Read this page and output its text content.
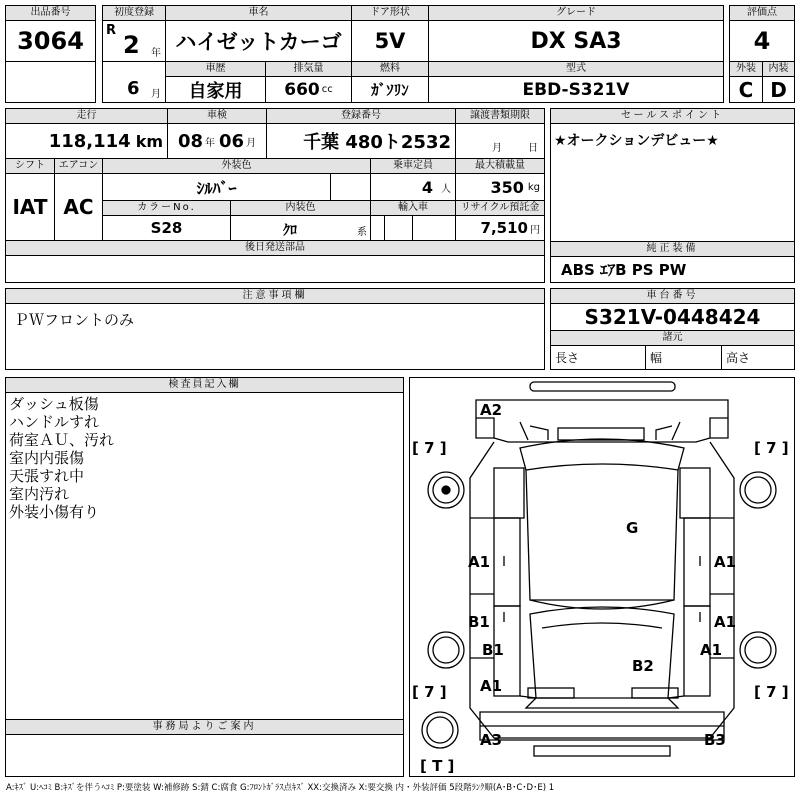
出品番号
3064
初度登録
R
2 年
6 月
車名
ハイゼットカーゴ
ドア形状
5V
グレード
DX SA3
評価点
4
車歴
自家用
排気量
660 cc
燃料
ｶﾞｿﾘﾝ
型式
EBD-S321V
外装
C
内装
D
走行
118,114 km
車検
08 年 06 月
登録番号
千葉 480ト2532
譲渡書類期限
月	日
シフト
IAT
エアコン
AC
外装色
ｼﾙﾊﾞｰ
乗車定員
4 人
最大積載量
350 kg
カラーNo.
S28
内装色
ｸﾛ	系
輸入車	リサイクル預託金
7,510 円
後日発送部品
セールスポイント
★オークションデビュー★
純正装備
ABS ｴｱB PS PW
注意事項欄
ＰＷフロントのみ
車台番号
S321V-0448424
諸元
長さ	幅	高さ
検査員記入欄
ダッシュ板傷
ハンドルすれ
荷室ＡＵ、汚れ
室内内張傷
天張すれ中
室内汚れ
外装小傷有り
事務局よりご案内
A2
G
A1	A1
B1	A1
B1	A1
B2
A1
A3	B3
[ 7 ]	[ 7 ]
[ 7 ]	[ 7 ]
[ T ]
A:ｷｽﾞ U:ﾍｺﾐ B:ｷｽﾞを伴うﾍｺﾐ P:要塗装 W:補修跡 S:錆 C:腐食 G:ﾌﾛﾝﾄｶﾞﾗｽ点ｷｽﾞ XX:交換済み X:要交換 内・外装評価 5段階ﾗﾝｸ順(A･B･C･D･E) 1
